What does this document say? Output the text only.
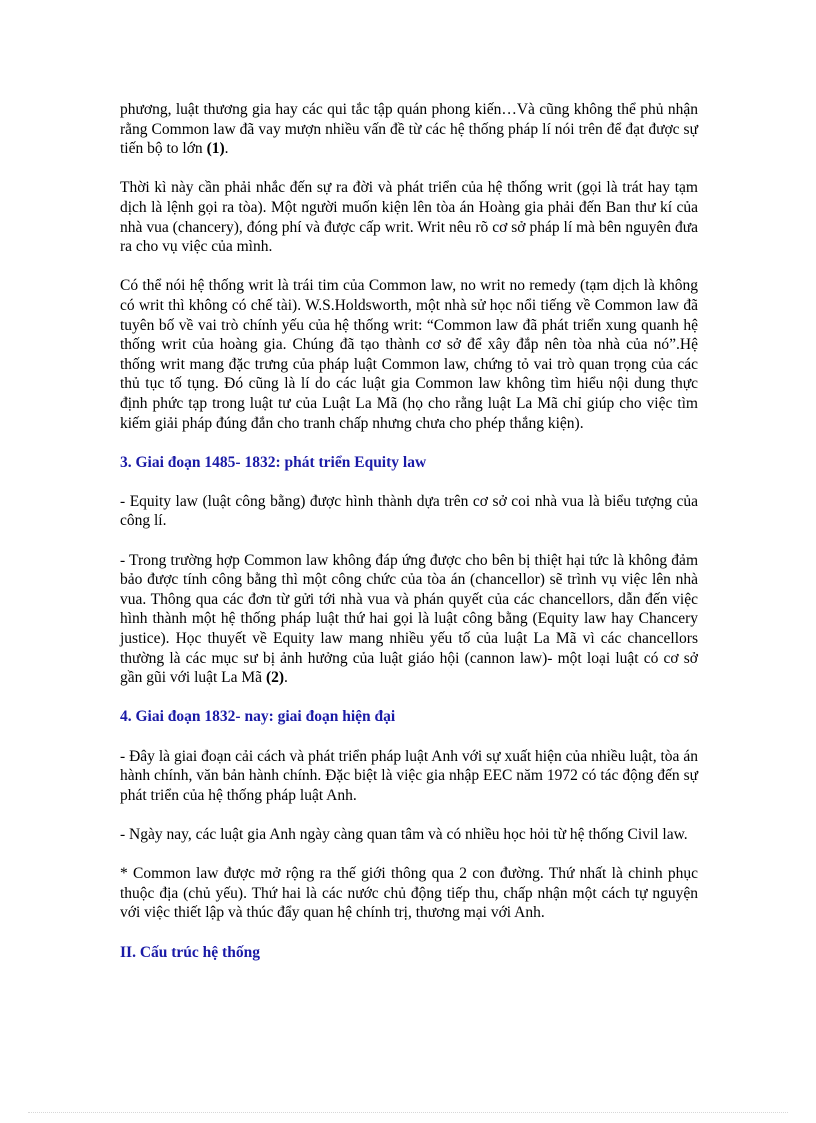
phương, luật thương gia hay các qui tắc tập quán phong kiến…Và cũng không thể phủ nhận rằng Common law đã vay mượn nhiều vấn đề từ các hệ thống pháp lí nói trên để đạt được sự tiến bộ to lớn (1).

Thời kì này cần phải nhắc đến sự ra đời và phát triển của hệ thống writ (gọi là trát hay tạm dịch là lệnh gọi ra tòa). Một người muốn kiện lên tòa án Hoàng gia phải đến Ban thư kí của nhà vua (chancery), đóng phí và được cấp writ. Writ nêu rõ cơ sở pháp lí mà bên nguyên đưa ra cho vụ việc của mình.

Có thể nói hệ thống writ là trái tim của Common law, no writ no remedy (tạm dịch là không có writ thì không có chế tài). W.S.Holdsworth, một nhà sử học nổi tiếng về Common law đã tuyên bố về vai trò chính yếu của hệ thống writ: “Common law đã phát triển xung quanh hệ thống writ của hoàng gia. Chúng đã tạo thành cơ sở để xây đắp nên tòa nhà của nó”.Hệ thống writ mang đặc trưng của pháp luật Common law, chứng tỏ vai trò quan trọng của các thủ tục tố tụng. Đó cũng là lí do các luật gia Common law không tìm hiểu nội dung thực định phức tạp trong luật tư của Luật La Mã (họ cho rằng luật La Mã chỉ giúp cho việc tìm kiếm giải pháp đúng đắn cho tranh chấp nhưng chưa cho phép thắng kiện).

3. Giai đoạn 1485- 1832: phát triển Equity law

- Equity law (luật công bằng) được hình thành dựa trên cơ sở coi nhà vua là biểu tượng của công lí.

- Trong trường hợp Common law không đáp ứng được cho bên bị thiệt hại tức là không đảm bảo được tính công bằng thì một công chức của tòa án (chancellor) sẽ trình vụ việc lên nhà vua. Thông qua các đơn từ gửi tới nhà vua và phán quyết của các chancellors, dẫn đến việc hình thành một hệ thống pháp luật thứ hai gọi là luật công bằng (Equity law hay Chancery justice). Học thuyết về Equity law mang nhiều yếu tố của luật La Mã vì các chancellors thường là các mục sư bị ảnh hưởng của luật giáo hội (cannon law)- một loại luật có cơ sở gần gũi với luật La Mã (2).

4. Giai đoạn 1832- nay: giai đoạn hiện đại

- Đây là giai đoạn cải cách và phát triển pháp luật Anh với sự xuất hiện của nhiều luật, tòa án hành chính, văn bản hành chính. Đặc biệt là việc gia nhập EEC năm 1972 có tác động đến sự phát triển của hệ thống pháp luật Anh.

- Ngày nay, các luật gia Anh ngày càng quan tâm và có nhiều học hỏi từ hệ thống Civil law.

* Common law được mở rộng ra thế giới thông qua 2 con đường. Thứ nhất là chinh phục thuộc địa (chủ yếu). Thứ hai là các nước chủ động tiếp thu, chấp nhận một cách tự nguyện với việc thiết lập và thúc đẩy quan hệ chính trị, thương mại với Anh.

II. Cấu trúc hệ thống
